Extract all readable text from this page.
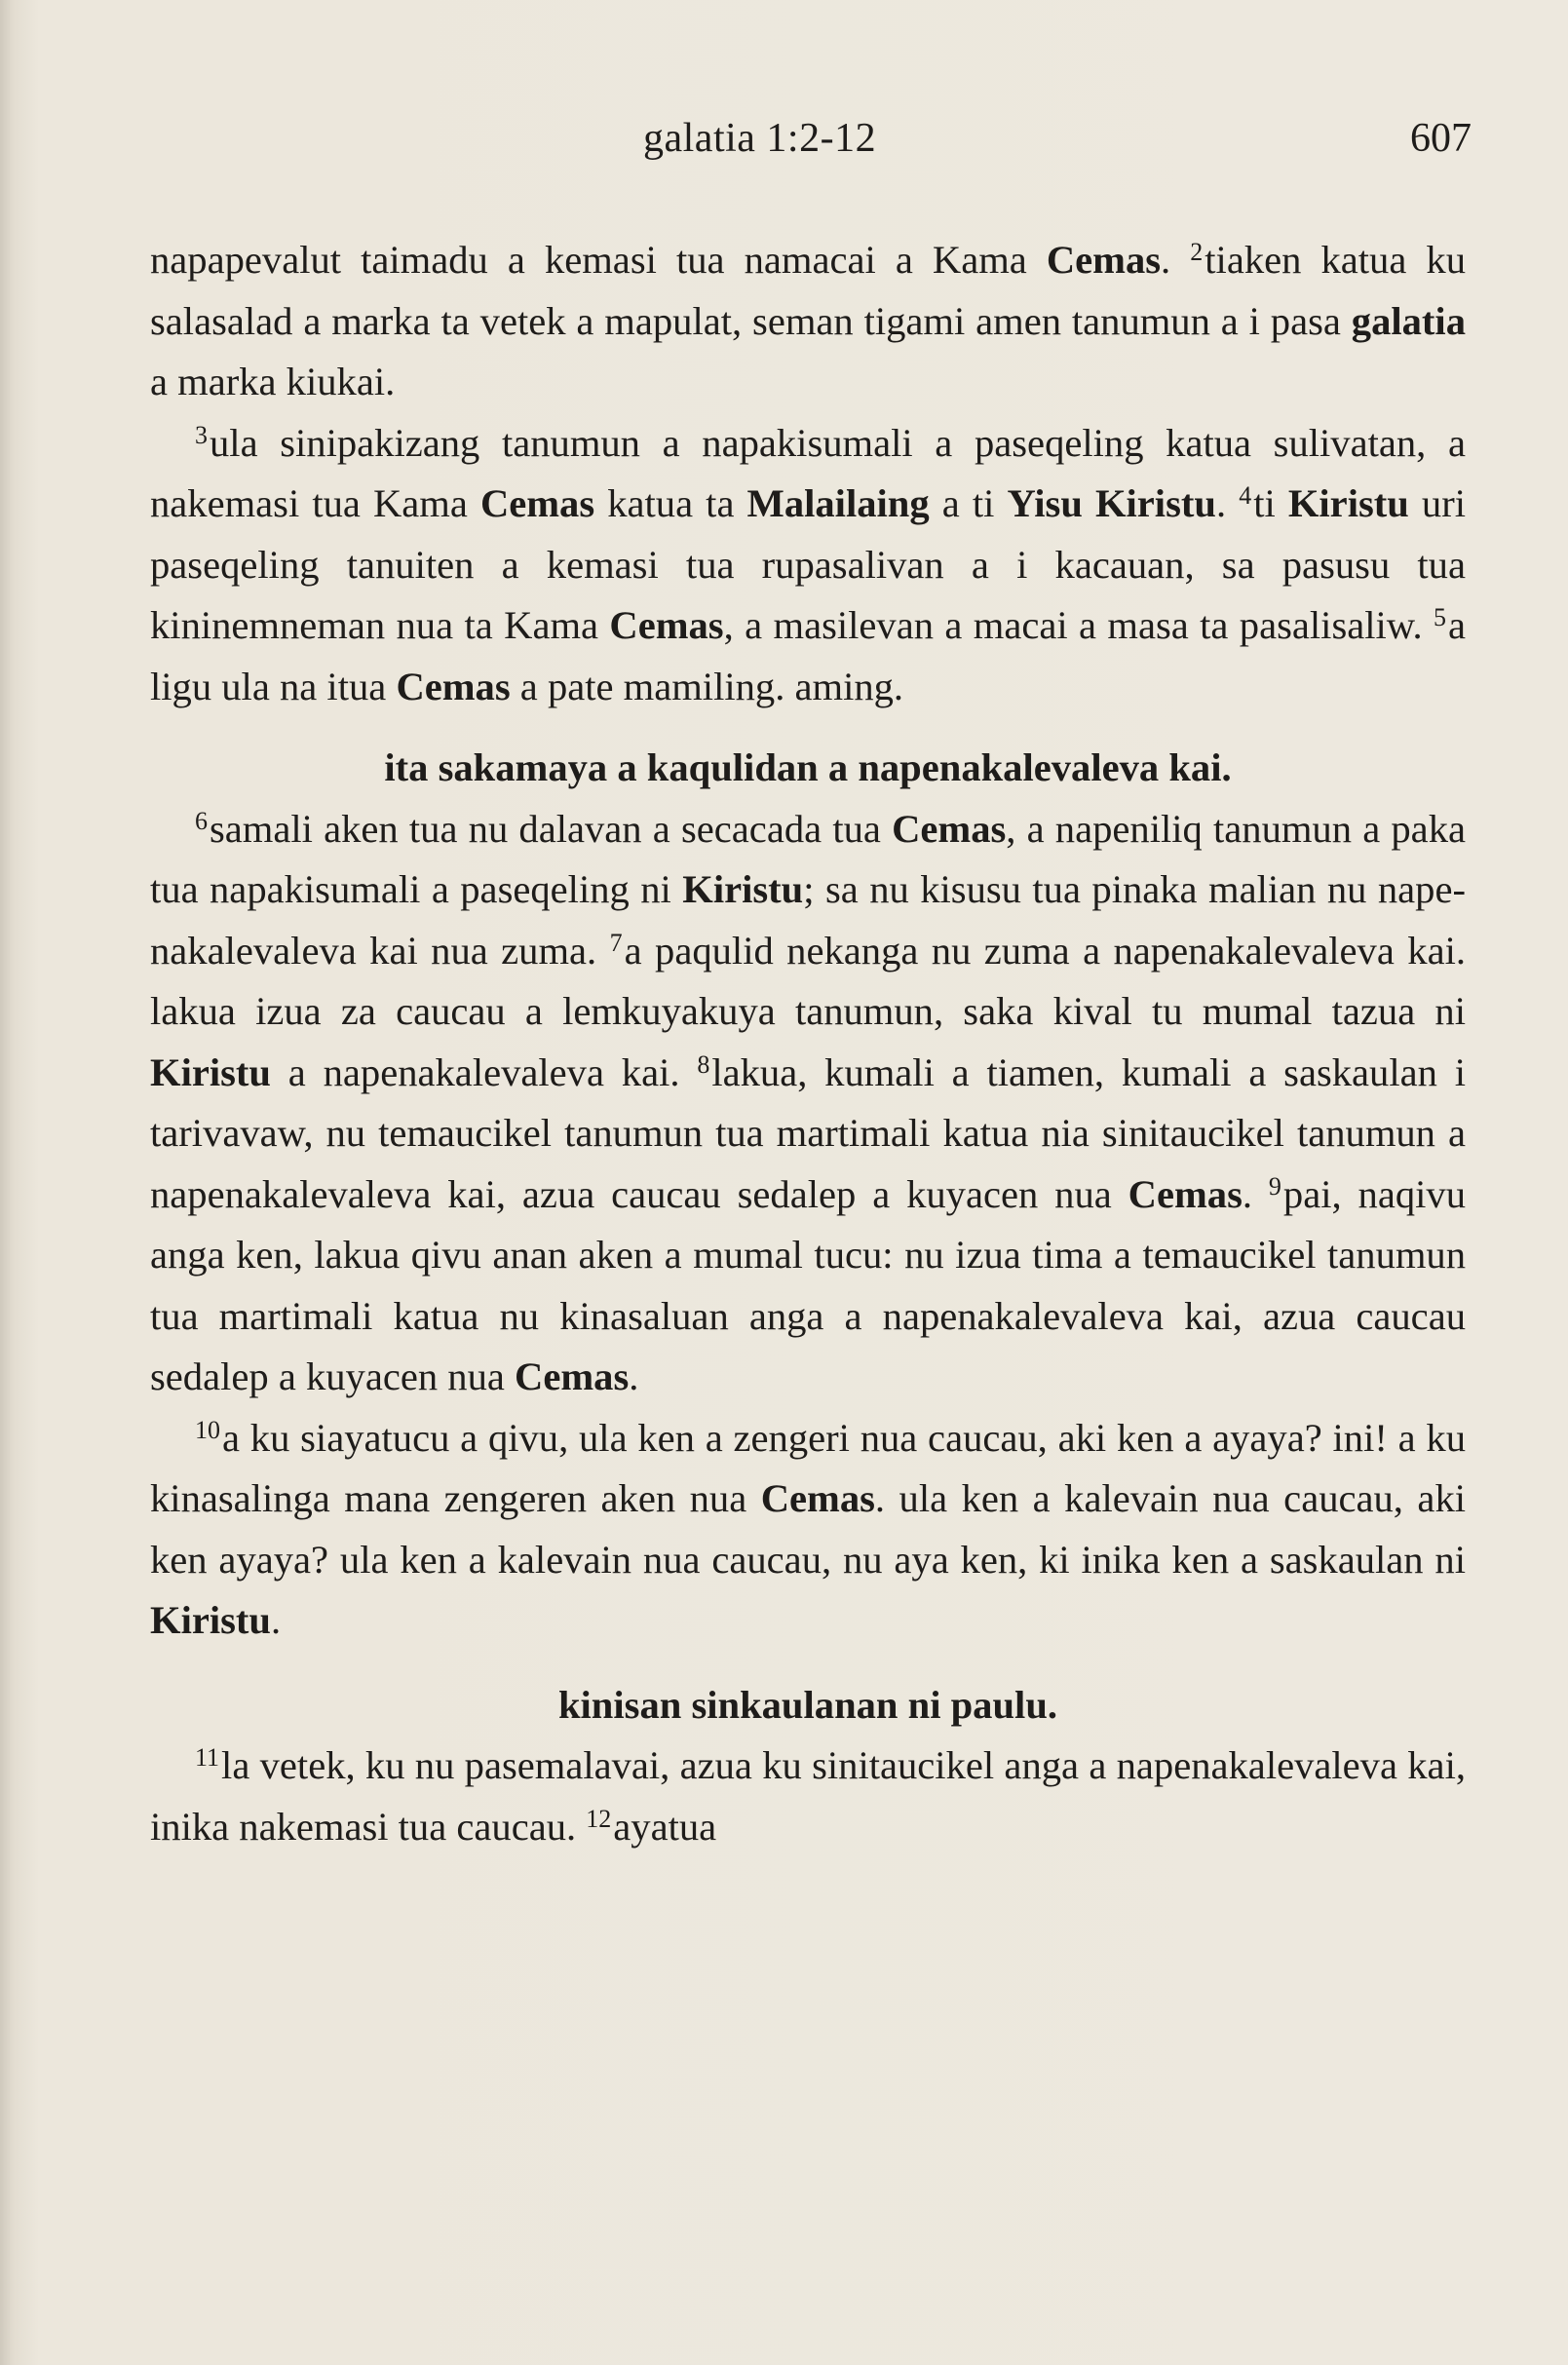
galatia 1:2-12	607

napapevalut taimadu a kemasi tua namacai a Kama Cemas. $^2$tiaken katua ku salasalad a marka ta vetek a mapulat, seman tigami amen tanumun a i pasa galatia a marka kiukai.

$^3$ula sinipakizang tanumun a napakisumali a paseqeling katua sulivatan, a nakemasi tua Kama Cemas katua ta Malailaing a ti Yisu Kiristu. $^4$ti Kiristu uri paseqeling tanuiten a kemasi tua rupasalivan a i kacauan, sa pasusu tua kininemneman nua ta Kama Cemas, a masilevan a macai a masa ta pasalisaliw. $^5$a ligu ula na itua Cemas a pate mamiling. aming.

ita sakamaya a kaqulidan a napenakalevaleva kai.

$^6$samali aken tua nu dalavan a secacada tua Cemas, a napeniliq tanumun a paka tua napakisumali a paseqeling ni Kiristu; sa nu kisusu tua pinaka malian nu napenakalevaleva kai nua zuma. $^7$a paqulid nekanga nu zuma a napenakalevaleva kai. lakua izua za caucau a lemkuyakuya tanumun, saka kival tu mumal tazua ni Kiristu a napenakalevaleva kai. $^8$lakua, kumali a tiamen, kumali a saskaulan i tarivavaw, nu temaucikel tanumun tua martimali katua nia sinitaucikel tanumun a napenakalevaleva kai, azua caucau sedalep a kuyacen nua Cemas. $^9$pai, naqivu anga ken, lakua qivu anan aken a mumal tucu: nu izua tima a temaucikel tanumun tua martimali katua nu kinasaluan anga a napenakalevaleva kai, azua caucau sedalep a kuyacen nua Cemas.

$^{10}$a ku siayatucu a qivu, ula ken a zengeri nua caucau, aki ken a ayaya? ini! a ku kinasalinga mana zengeren aken nua Cemas. ula ken a kalevain nua caucau, aki ken ayaya? ula ken a kalevain nua caucau, nu aya ken, ki inika ken a saskaulan ni Kiristu.

kinisan sinkaulanan ni paulu.

$^{11}$la vetek, ku nu pasemalavai, azua ku sinitaucikel anga a napenakalevaleva kai, inika nakemasi tua caucau. $^{12}$ayatua
